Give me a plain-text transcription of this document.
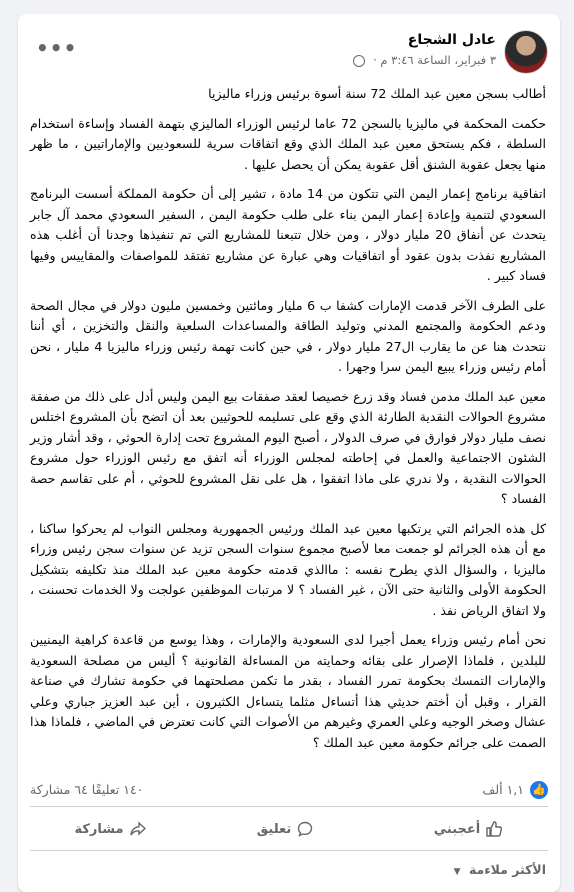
عادل الشجاع
٣ فبراير، الساعة ٣:٤٦ م ·
•••

أطالب بسجن معين عبد الملك 72 سنة أسوة برئيس وزراء ماليزيا

حكمت المحكمة في ماليزيا بالسجن 72 عاما لرئيس الوزراء الماليزي بتهمة الفساد وإساءة استخدام السلطة ، فكم يستحق معين عبد الملك الذي وقع اتفاقات سرية للسعوديين والإماراتيين ، ما ظهر منها يجعل عقوبة الشنق أقل عقوبة يمكن أن يحصل عليها .

اتفاقية برنامج إعمار اليمن التي تتكون من 14 مادة ، تشير إلى أن حكومة المملكة أسست البرنامج السعودي لتنمية وإعادة إعمار اليمن بناء على طلب حكومة اليمن ، السفير السعودي محمد آل جابر يتحدث عن أنفاق 20 مليار دولار ، ومن خلال تتبعنا للمشاريع التي تم تنفيذها وجدنا أن أغلب هذه المشاريع نفذت بدون عقود أو اتفاقيات وهي عبارة عن مشاريع تفتقد للمواصفات والمقاييس وفيها فساد كبير .

على الطرف الآخر قدمت الإمارات كشفا ب 6 مليار ومائتين وخمسين مليون دولار في مجال الصحة ودعم الحكومة والمجتمع المدني وتوليد الطاقة والمساعدات السلعية والنقل والتخزين ، أي أننا نتحدث هنا عن ما يقارب ال27 مليار دولار ، في حين كانت تهمة رئيس وزراء ماليزيا 4 مليار ، نحن أمام رئيس وزراء يبيع اليمن سرا وجهرا .

معين عبد الملك مدمن فساد وقد زرع خصيصا لعقد صفقات بيع اليمن وليس أدل على ذلك من صفقة مشروع الحوالات النقدية الطارئة الذي وقع على تسليمه للحوثيين بعد أن اتضح بأن المشروع اختلس نصف مليار دولار فوارق في صرف الدولار ، أصبح اليوم المشروع تحت إدارة الحوثي ، وقد أشار وزير الشئون الاجتماعية والعمل في إحاطته لمجلس الوزراء أنه اتفق مع رئيس الوزراء حول مشروع الحوالات النقدية ، ولا ندري على ماذا اتفقوا ، هل على نقل المشروع للحوثي ، أم على تقاسم حصة الفساد ؟

كل هذه الجرائم التي يرتكبها معين عبد الملك ورئيس الجمهورية ومجلس النواب لم يحركوا ساكنا ، مع أن هذه الجرائم لو جمعت معا لأصبح مجموع سنوات السجن تزيد عن سنوات سجن رئيس وزراء ماليزيا ، والسؤال الذي يطرح نفسه : ماالذي قدمته حكومة معين عبد الملك منذ تكليفه بتشكيل الحكومة الأولى والثانية حتى الآن ، غير الفساد ؟ لا مرتبات الموظفين عولجت ولا الخدمات تحسنت ، ولا اتفاق الرياض نفذ .

نحن أمام رئيس وزراء يعمل أجيرا لدى السعودية والإمارات ، وهذا يوسع من قاعدة كراهية اليمنيين للبلدين ، فلماذا الإصرار على بقائه وحمايته من المساءلة القانونية ؟ أليس من مصلحة السعودية والإمارات التمسك بحكومة تمرر الفساد ، بقدر ما تكمن مصلحتهما في حكومة تشارك في صناعة القرار ، وقبل أن أختم حديثي هذا أتساءل مثلما يتساءل الكثيرون ، أين عبد العزيز جباري وعلي عشال وصخر الوجيه وعلي العمري وغيرهم من الأصوات التي كانت تعترض في الماضي ، فلماذا هذا الصمت على جرائم حكومة معين عبد الملك ؟

👍
١,١ ألف
١٤٠ تعليقًا ٦٤ مشاركة
أعجبني
تعليق
مشاركة
الأكثر ملاءمة ▼
